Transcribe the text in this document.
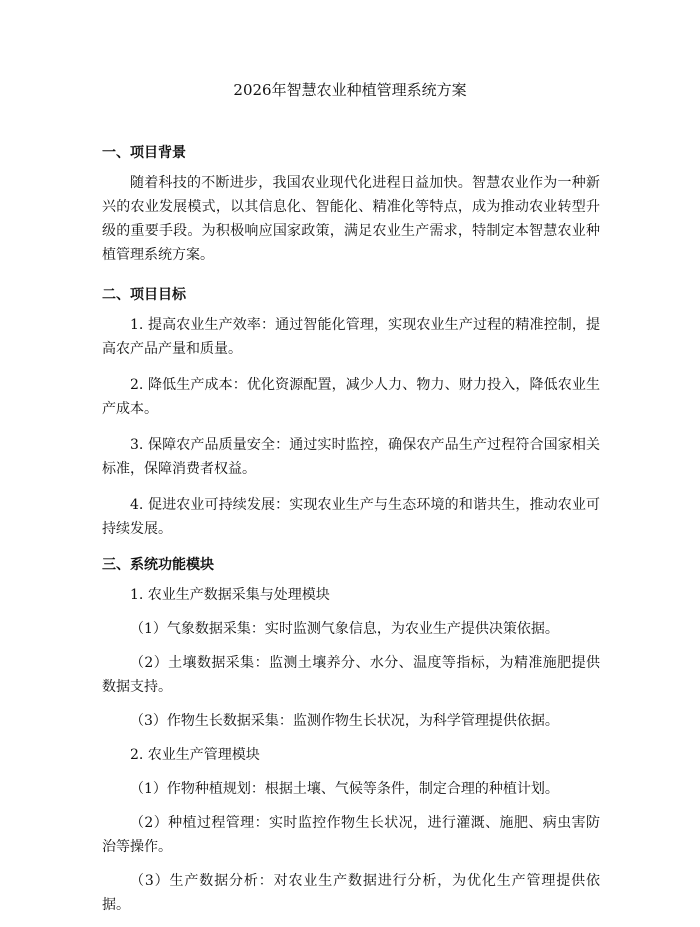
2026年智慧农业种植管理系统方案
一、项目背景

随着科技的不断进步，我国农业现代化进程日益加快。智慧农业作为一种新兴的农业发展模式，以其信息化、智能化、精准化等特点，成为推动农业转型升级的重要手段。为积极响应国家政策，满足农业生产需求，特制定本智慧农业种植管理系统方案。

二、项目目标

1. 提高农业生产效率：通过智能化管理，实现农业生产过程的精准控制，提高农产品产量和质量。

2. 降低生产成本：优化资源配置，减少人力、物力、财力投入，降低农业生产成本。

3. 保障农产品质量安全：通过实时监控，确保农产品生产过程符合国家相关标准，保障消费者权益。

4. 促进农业可持续发展：实现农业生产与生态环境的和谐共生，推动农业可持续发展。

三、系统功能模块

1. 农业生产数据采集与处理模块

（1）气象数据采集：实时监测气象信息，为农业生产提供决策依据。

（2）土壤数据采集：监测土壤养分、水分、温度等指标，为精准施肥提供数据支持。

（3）作物生长数据采集：监测作物生长状况，为科学管理提供依据。

2. 农业生产管理模块

（1）作物种植规划：根据土壤、气候等条件，制定合理的种植计划。

（2）种植过程管理：实时监控作物生长状况，进行灌溉、施肥、病虫害防治等操作。

（3）生产数据分析：对农业生产数据进行分析，为优化生产管理提供依据。
